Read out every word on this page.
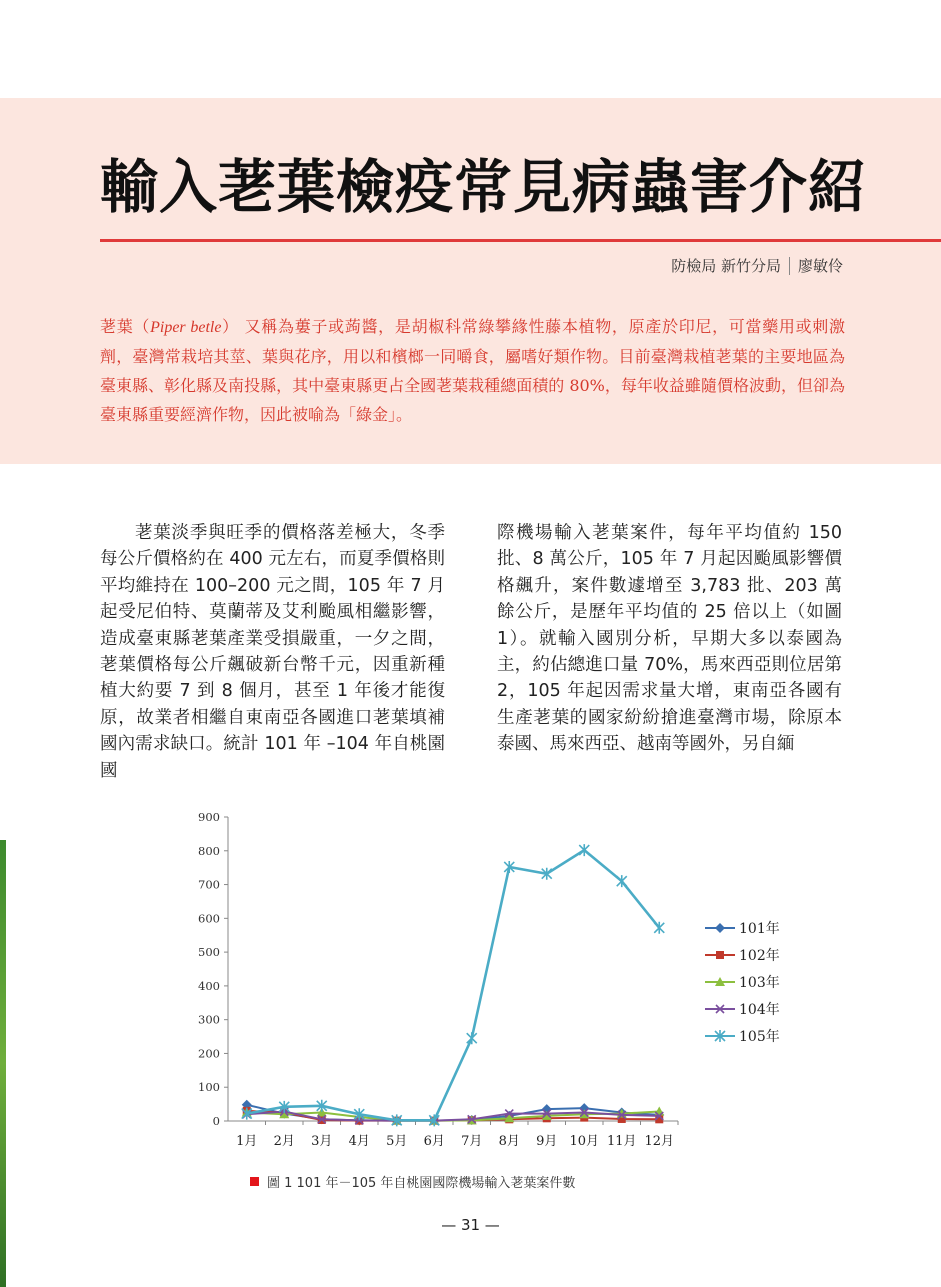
輸入荖葉檢疫常見病蟲害介紹
防檢局 新竹分局 廖敏伶
荖葉（Piper betle） 又稱為蔞子或蒟醬，是胡椒科常綠攀緣性藤本植物，原產於印尼，可當藥用或刺激劑，臺灣常栽培其莖、葉與花序，用以和檳榔一同嚼食，屬嗜好類作物。目前臺灣栽植荖葉的主要地區為臺東縣、彰化縣及南投縣，其中臺東縣更占全國荖葉栽種總面積的 80%，每年收益雖隨價格波動，但卻為臺東縣重要經濟作物，因此被喻為「綠金」。

荖葉淡季與旺季的價格落差極大，冬季每公斤價格約在 400 元左右，而夏季價格則平均維持在 100–200 元之間，105 年 7 月起受尼伯特、莫蘭蒂及艾利颱風相繼影響，造成臺東縣荖葉產業受損嚴重，一夕之間，荖葉價格每公斤飆破新台幣千元，因重新種植大約要 7 到 8 個月，甚至 1 年後才能復原，故業者相繼自東南亞各國進口荖葉填補國內需求缺口。統計 101 年 –104 年自桃園國

際機場輸入荖葉案件，每年平均值約 150 批、8 萬公斤，105 年 7 月起因颱風影響價格飆升，案件數遽增至 3,783 批、203 萬餘公斤，是歷年平均值的 25 倍以上（如圖 1）。就輸入國別分析，早期大多以泰國為主，約佔總進口量 70%，馬來西亞則位居第 2，105 年起因需求量大增，東南亞各國有生產荖葉的國家紛紛搶進臺灣市場，除原本泰國、馬來西亞、越南等國外，另自緬

0
100
200
300
400
500
600
700
800
900
1月 2月 3月 4月 5月 6月 7月 8月 9月 10月 11月 12月
101年
102年
103年
104年
105年
圖 1 101 年－105 年自桃園國際機場輸入荖葉案件數
— 31 —
